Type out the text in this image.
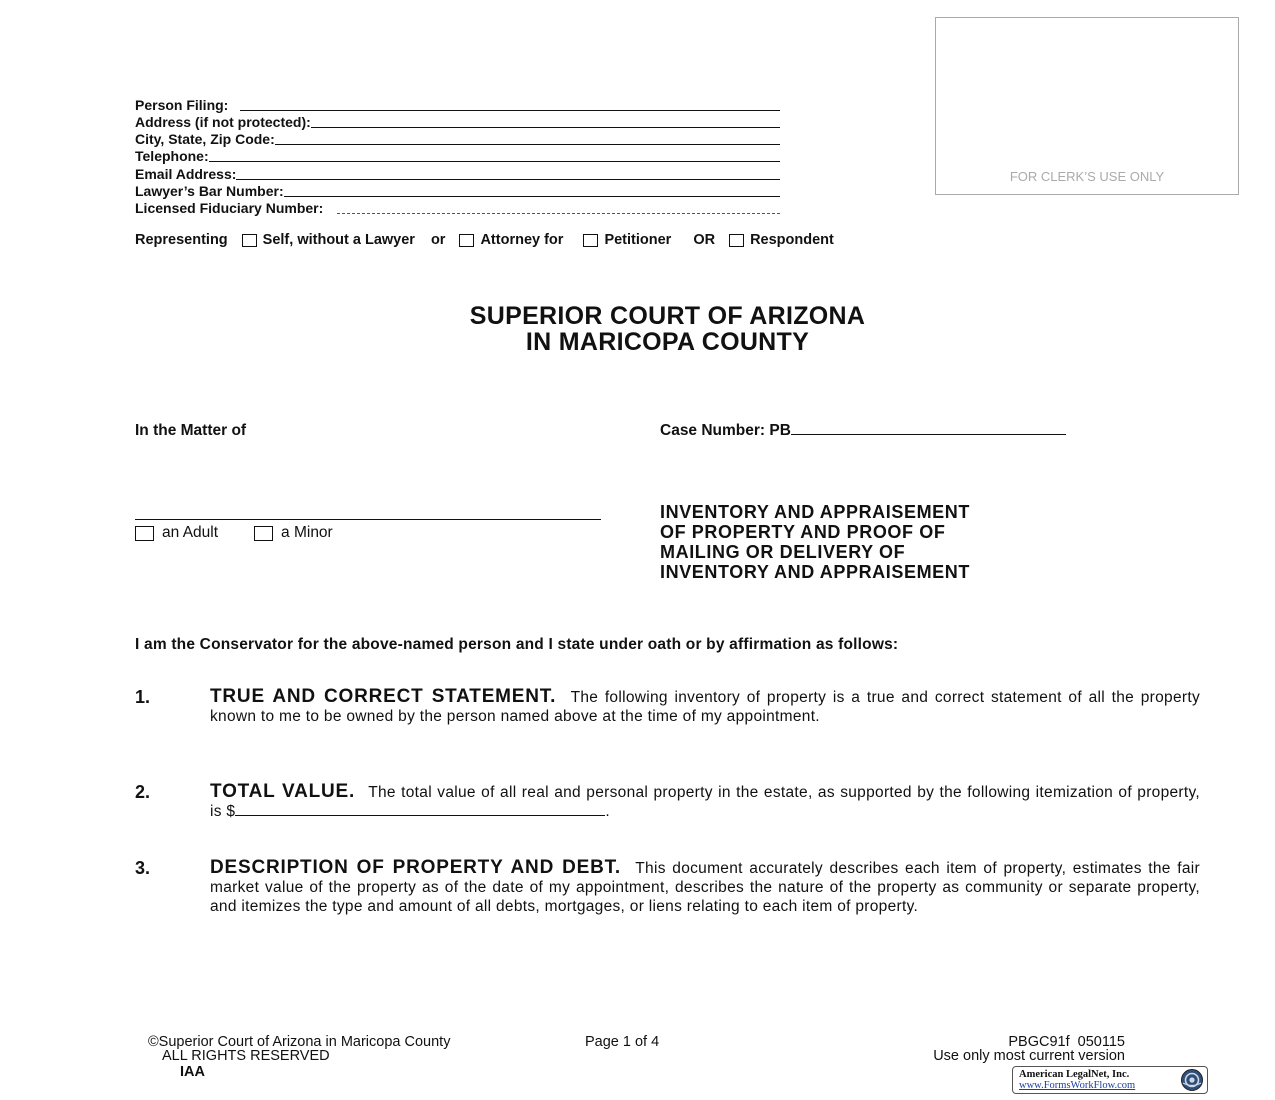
FOR CLERK’S USE ONLY
Person Filing:
Address (if not protected):
City, State, Zip Code:
Telephone:
Email Address:
Lawyer’s Bar Number:
Licensed Fiduciary Number:
Representing Self, without a Lawyer or Attorney for	Petitioner OR Respondent
SUPERIOR COURT OF ARIZONA
IN MARICOPA COUNTY
In the Matter of	Case Number: PB
an Adult	a Minor
INVENTORY AND APPRAISEMENT
OF PROPERTY AND PROOF OF
MAILING OR DELIVERY OF
INVENTORY AND APPRAISEMENT
I am the Conservator for the above-named person and I state under oath or by affirmation as follows:
1.	TRUE AND CORRECT STATEMENT. The following inventory of property is a true and correct statement of all the property known to me to be owned by the person named above at the time of my appointment.
2.	TOTAL VALUE. The total value of all real and personal property in the estate, as supported by the following itemization of property, is $	.
3.	DESCRIPTION OF PROPERTY AND DEBT. This document accurately describes each item of property, estimates the fair market value of the property as of the date of my appointment, describes the nature of the property as community or separate property, and itemizes the type and amount of all debts, mortgages, or liens relating to each item of property.
©Superior Court of Arizona in Maricopa County
ALL RIGHTS RESERVED
IAA
Page 1 of 4	PBGC91f  050115
Use only most current version
American LegalNet, Inc.
www.FormsWorkFlow.com
